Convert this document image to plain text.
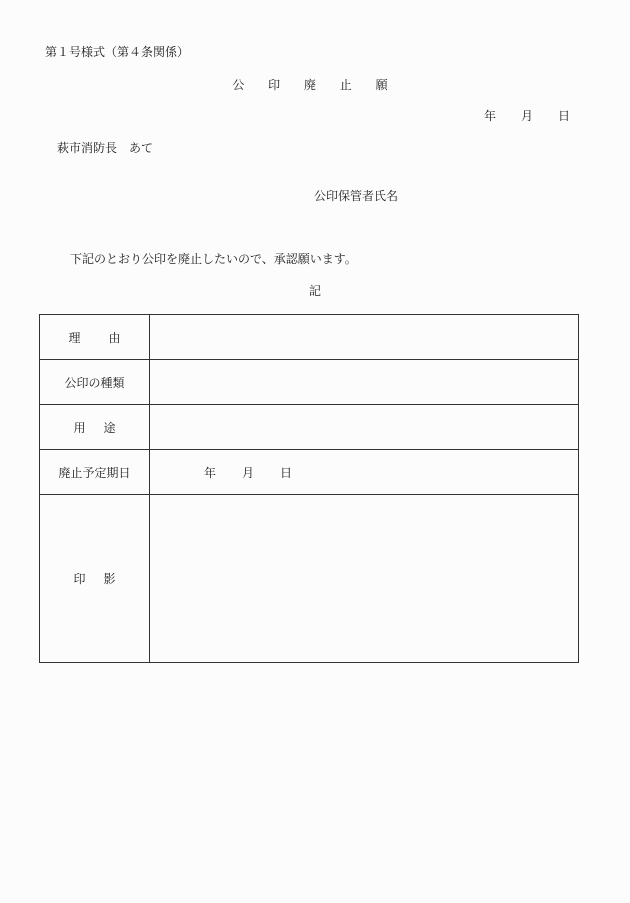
第１号様式（第４条関係）
公 印 廃 止 願
年 月 日
萩市消防長　あて
公印保管者氏名
下記のとおり公印を廃止したいので、承認願います。
記
理由	
公印の種類	
用途	
廃止予定期日	年 月 日
印影	
